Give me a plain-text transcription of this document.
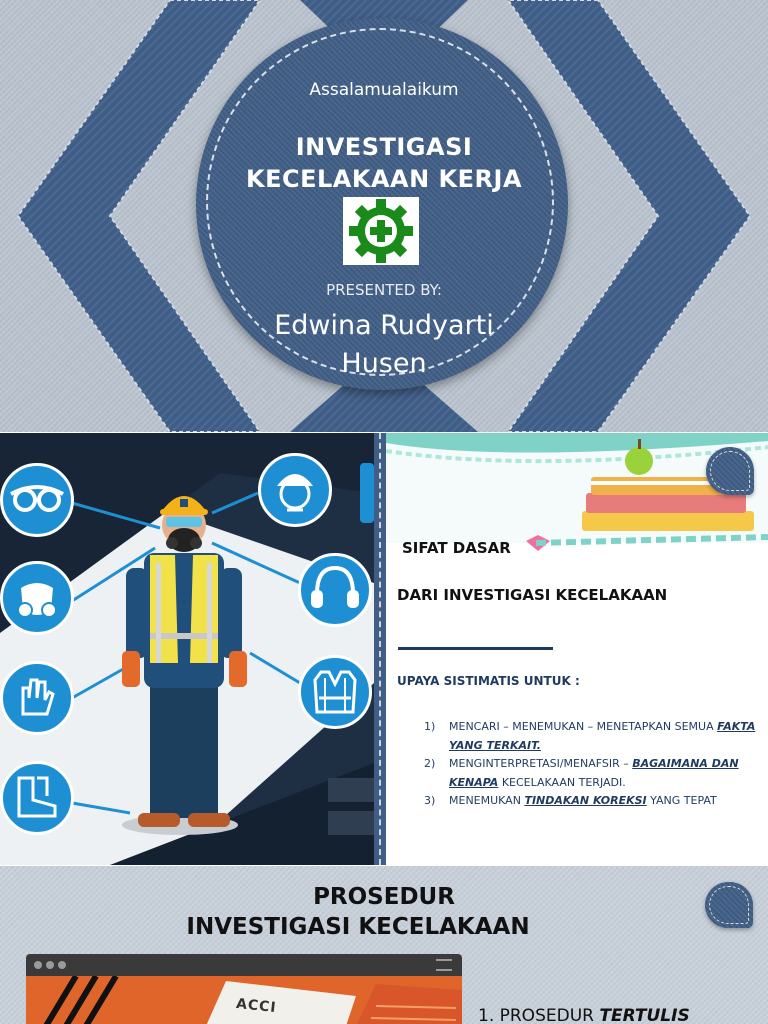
Assalamualaikum
INVESTIGASI
KECELAKAAN KERJA
PRESENTED BY:
Edwina Rudyarti
Husen
SIFAT DASAR
DARI INVESTIGASI KECELAKAAN
UPAYA SISTIMATIS UNTUK :
1)	MENCARI – MENEMUKAN – MENETAPKAN SEMUA FAKTA YANG TERKAIT.
2)	MENGINTERPRETASI/MENAFSIR – BAGAIMANA DAN KENAPA KECELAKAAN TERJADI.
3)	MENEMUKAN TINDAKAN KOREKSI YANG TEPAT
PROSEDUR
INVESTIGASI KECELAKAAN
ACCI	1. PROSEDUR TERTULIS
